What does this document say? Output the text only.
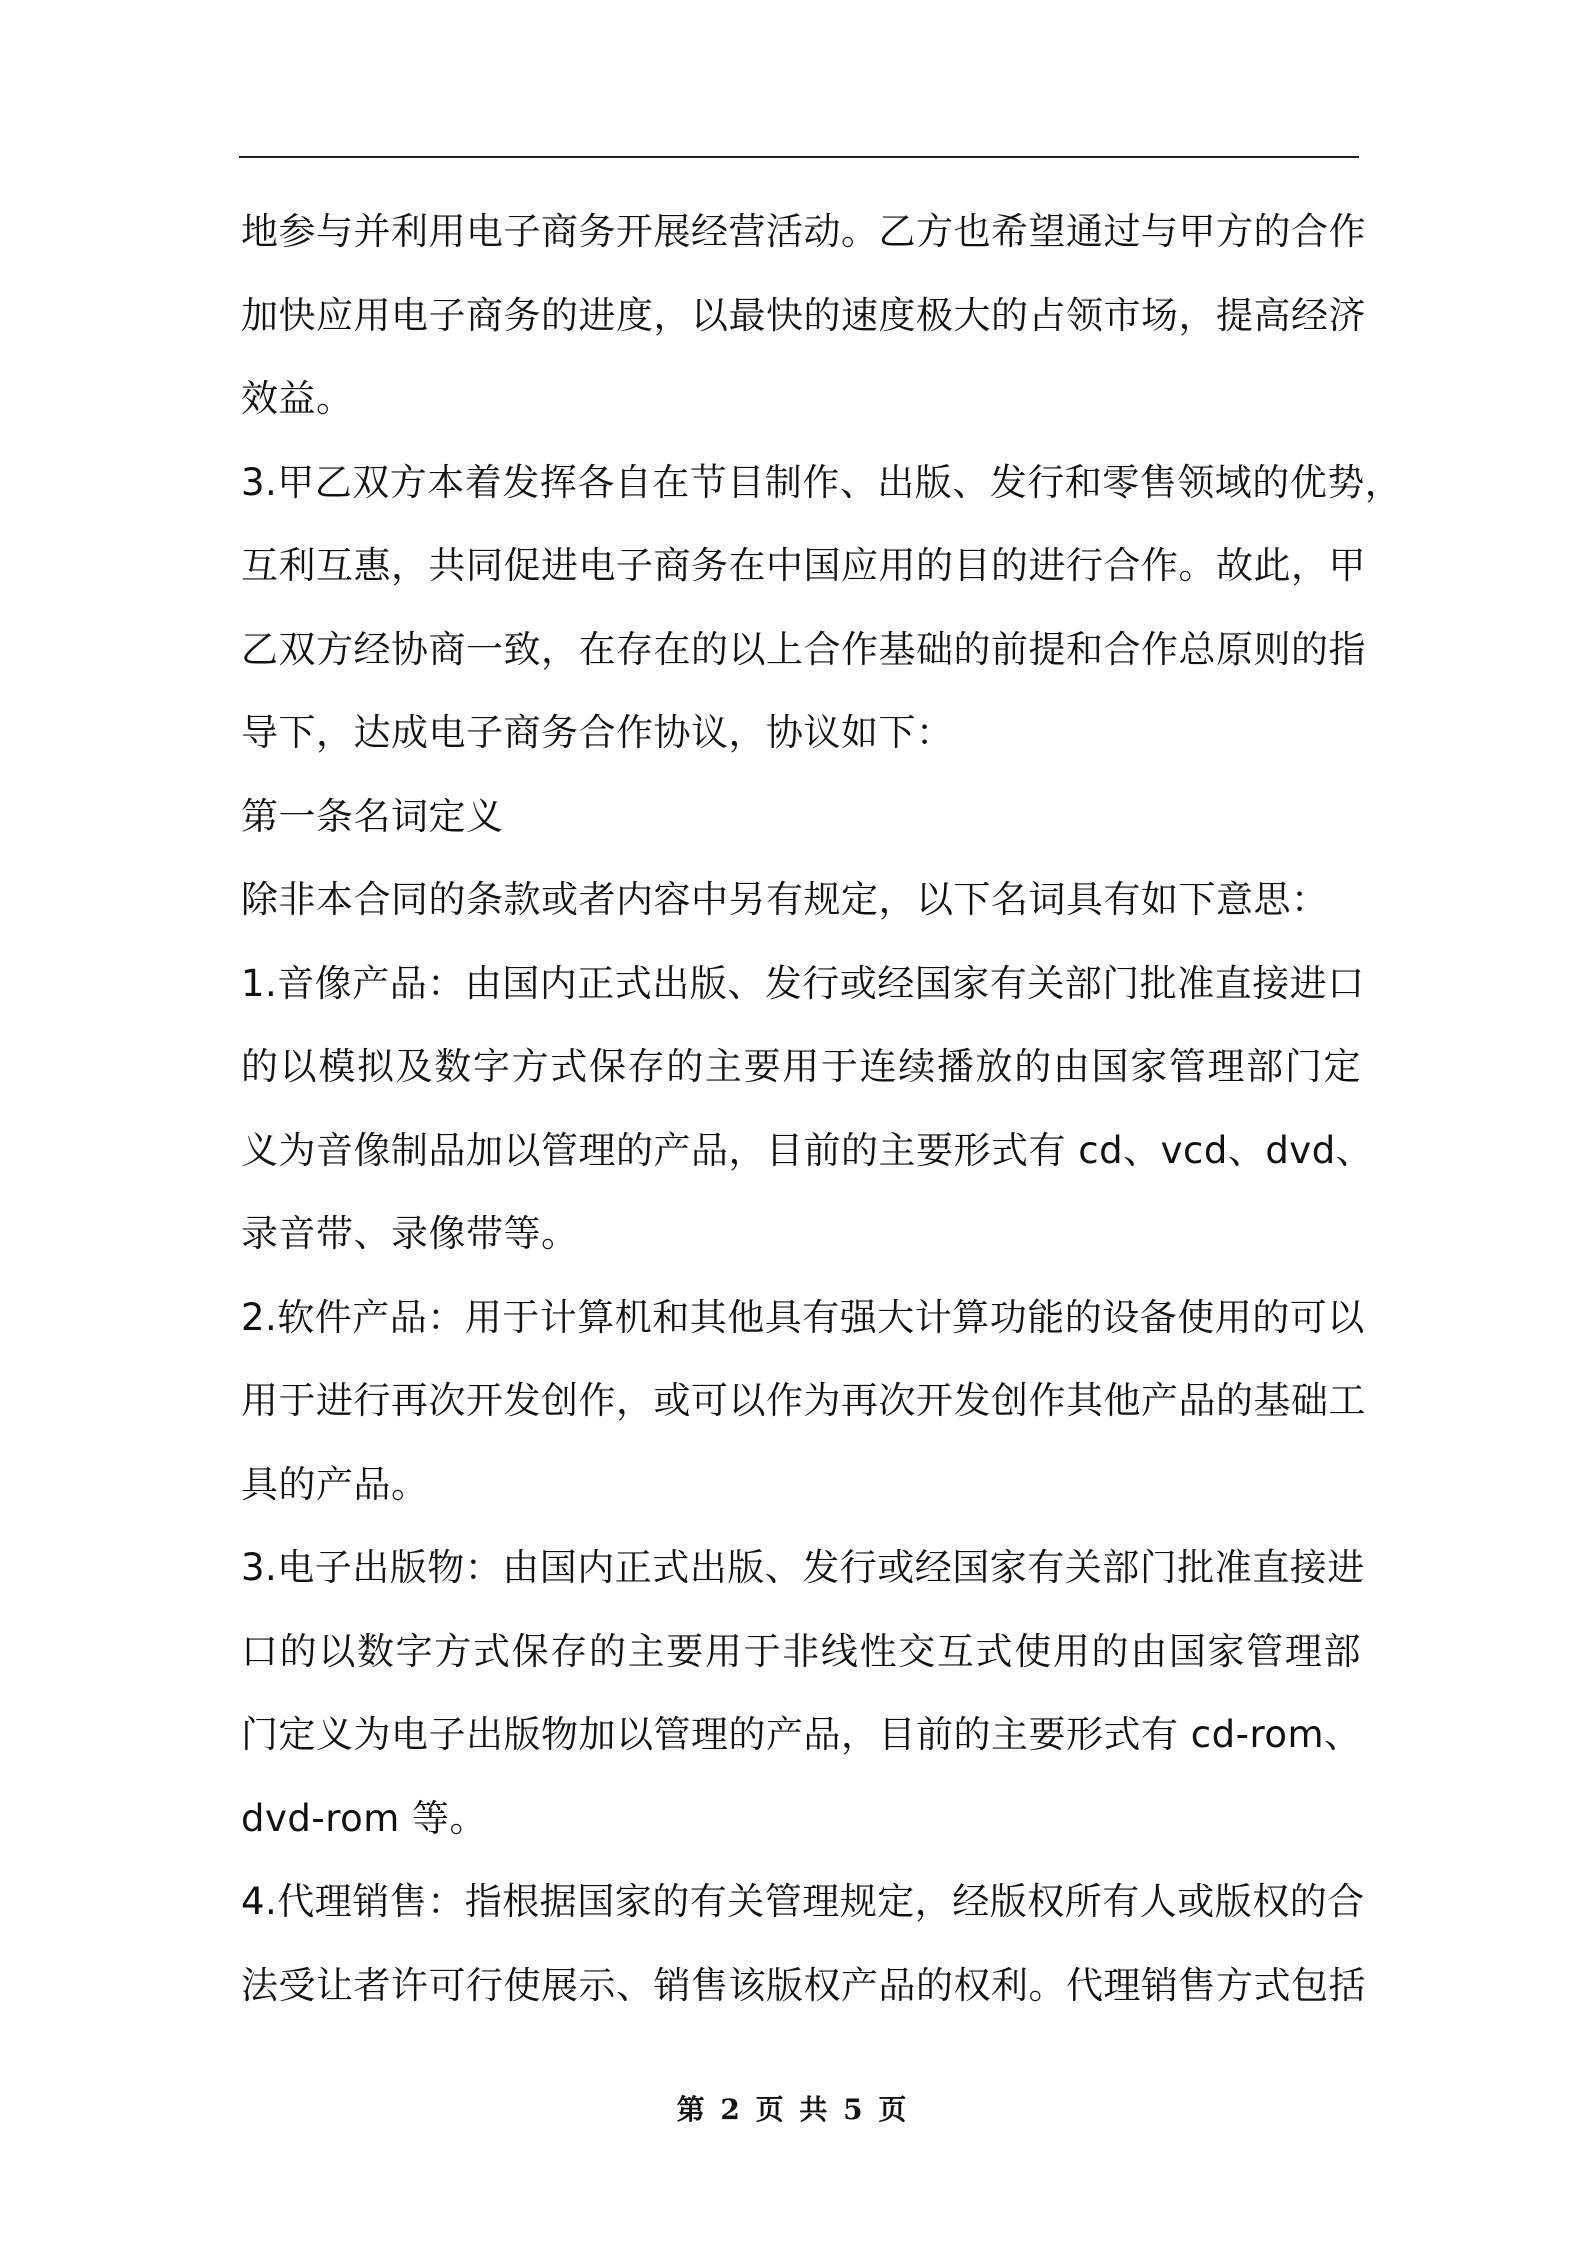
地参与并利用电子商务开展经营活动。乙方也希望通过与甲方的合作
加快应用电子商务的进度，以最快的速度极大的占领市场，提高经济
效益。
3.甲乙双方本着发挥各自在节目制作、出版、发行和零售领域的优势，
互利互惠，共同促进电子商务在中国应用的目的进行合作。故此，甲
乙双方经协商一致，在存在的以上合作基础的前提和合作总原则的指
导下，达成电子商务合作协议，协议如下：
第一条名词定义
除非本合同的条款或者内容中另有规定，以下名词具有如下意思：
1.音像产品：由国内正式出版、发行或经国家有关部门批准直接进口
的以模拟及数字方式保存的主要用于连续播放的由国家管理部门定
义为音像制品加以管理的产品，目前的主要形式有 cd、vcd、dvd、
录音带、录像带等。
2.软件产品：用于计算机和其他具有强大计算功能的设备使用的可以
用于进行再次开发创作，或可以作为再次开发创作其他产品的基础工
具的产品。
3.电子出版物：由国内正式出版、发行或经国家有关部门批准直接进
口的以数字方式保存的主要用于非线性交互式使用的由国家管理部
门定义为电子出版物加以管理的产品，目前的主要形式有 cd-rom、
dvd-rom 等。
4.代理销售：指根据国家的有关管理规定，经版权所有人或版权的合
法受让者许可行使展示、销售该版权产品的权利。代理销售方式包括
第 2 页 共 5 页
